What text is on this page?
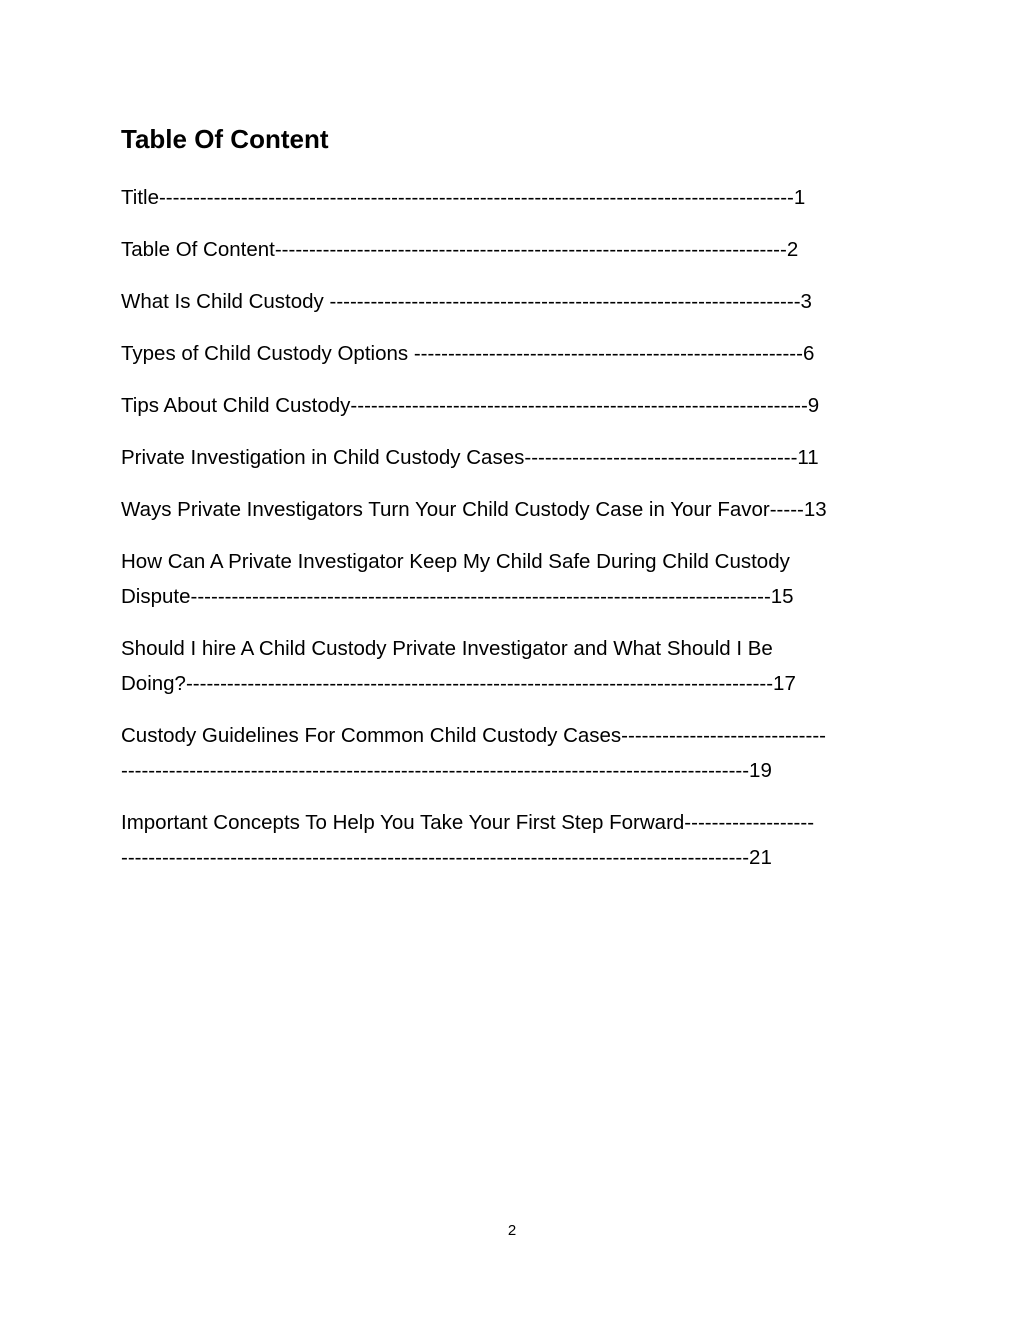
Table Of Content
Title---------------------------------------------------------------------------------------------1
Table Of Content---------------------------------------------------------------------------2
What Is Child Custody ---------------------------------------------------------------------3
Types of Child Custody Options ---------------------------------------------------------6
Tips About Child Custody-------------------------------------------------------------------9
Private Investigation in Child Custody Cases----------------------------------------11
Ways Private Investigators Turn Your Child Custody Case in Your Favor-----13
How Can A Private Investigator Keep My Child Safe During Child Custody
Dispute-------------------------------------------------------------------------------------15
Should I hire A Child Custody Private Investigator and What Should I Be
Doing?--------------------------------------------------------------------------------------17
Custody Guidelines For Common Child Custody Cases------------------------------
--------------------------------------------------------------------------------------------19
Important Concepts To Help You Take Your First Step Forward-------------------
--------------------------------------------------------------------------------------------21
2
